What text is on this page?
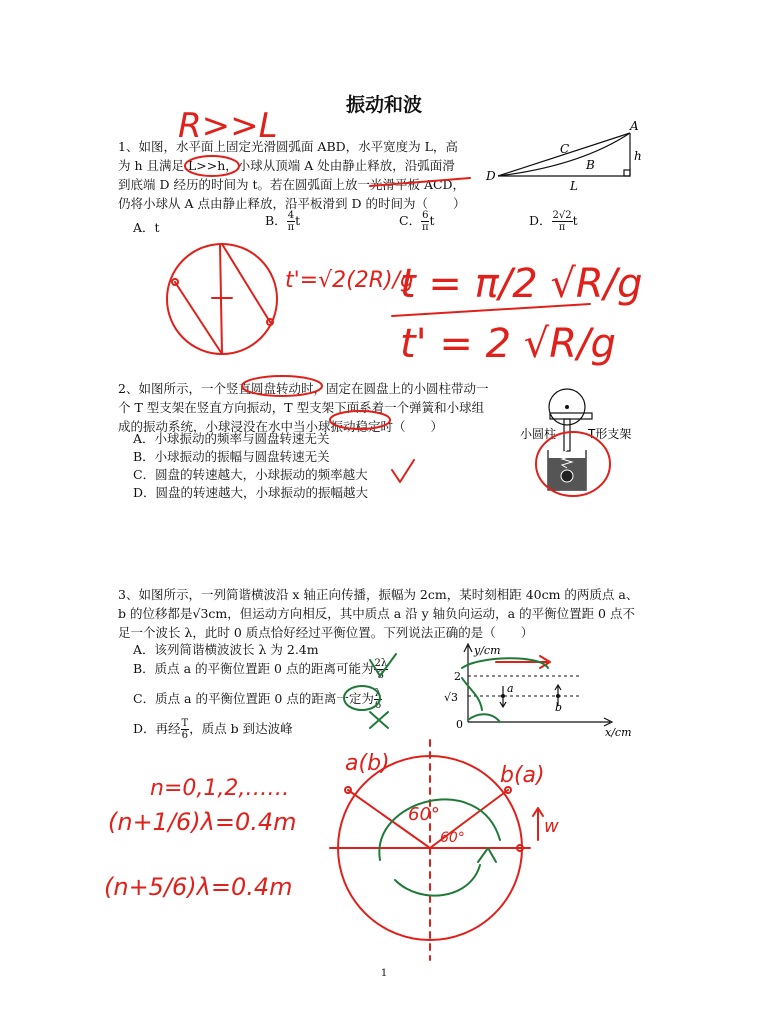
振动和波
1、如图，水平面上固定光滑圆弧面 ABD，水平宽度为 L，高
为 h 且满足 L>>h，小球从顶端 A 处由静止释放，沿弧面滑
到底端 D 经历的时间为 t。若在圆弧面上放一光滑平板 ACD，
仍将小球从 A 点由静止释放，沿平板滑到 D 的时间为（　　）
A
C
B
D
h
L
A．t	B． $\frac{4}{\pi}$ t	C． $\frac{6}{\pi}$ t	D． $\frac{2√2}{\pi}$ t
R>>L
t'=√2(2R)/g
t = π/2 √R/g
t' = 2 √R/g
2、如图所示，一个竖直圆盘转动时，固定在圆盘上的小圆柱带动一
个 T 型支架在竖直方向振动，T 型支架下面系着一个弹簧和小球组
成的振动系统，小球浸没在水中当小球振动稳定时（　　）
A．小球振动的频率与圆盘转速无关
B．小球振动的振幅与圆盘转速无关
C．圆盘的转速越大，小球振动的频率越大
D．圆盘的转速越大，小球振动的振幅越大
小圆柱	T形支架
3、如图所示，一列简谐横波沿 x 轴正向传播，振幅为 2cm，某时刻相距 40cm 的两质点 a、
b 的位移都是√3cm，但运动方向相反，其中质点 a 沿 y 轴负向运动，a 的平衡位置距 0 点不
足一个波长 λ，此时 0 质点恰好经过平衡位置。下列说法正确的是（　　）
A．该列简谐横波波长 λ 为 2.4m
B．质点 a 的平衡位置距 0 点的距离可能为 $\frac{2\lambda}{3}$
C．质点 a 的平衡位置距 0 点的距离一定为 $\frac{\lambda}{6}$
D．再经 $\frac{T}{6}$ ，质点 b 到达波峰
y/cm
x/cm
2
√3
0
a
b
a(b)	b(a)
60°
60°
w
n=0,1,2,……
(n+1/6)λ=0.4m
(n+5/6)λ=0.4m
1
